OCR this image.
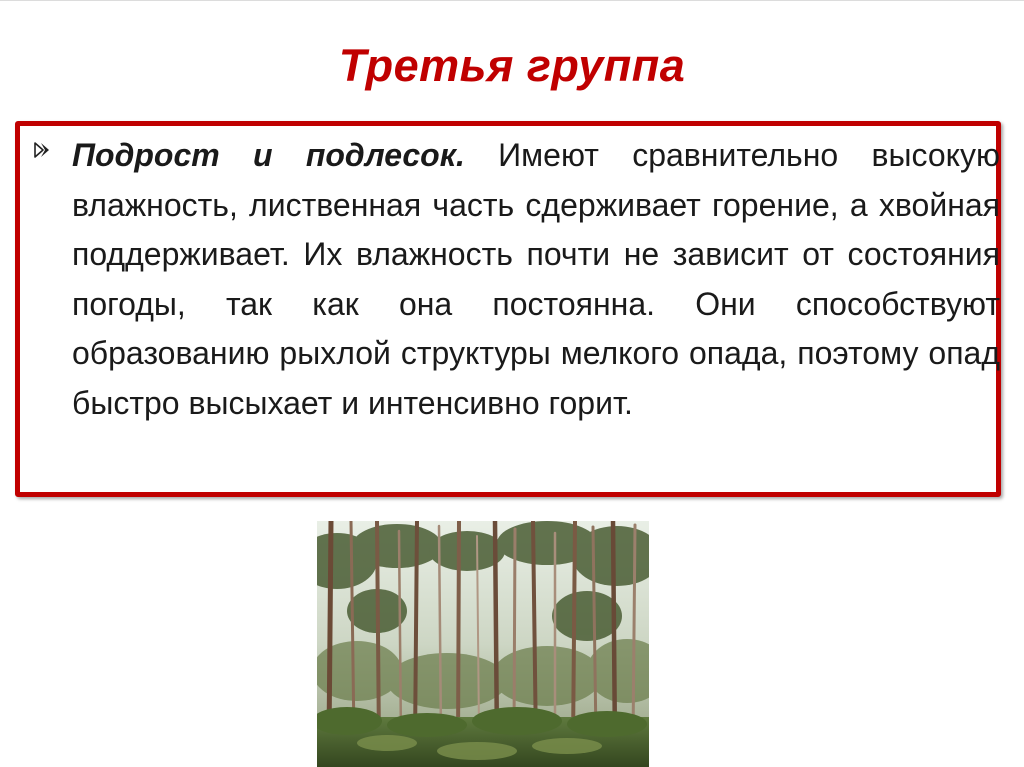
Третья группа

Подрост и подлесок. Имеют сравнительно высокую влажность, лиственная часть сдерживает горение, а хвойная поддерживает. Их влажность почти не зависит от состояния погоды, так как она постоянна. Они способствуют образованию рыхлой структуры мелкого опада, поэтому опад быстро высыхает и интенсивно горит.
